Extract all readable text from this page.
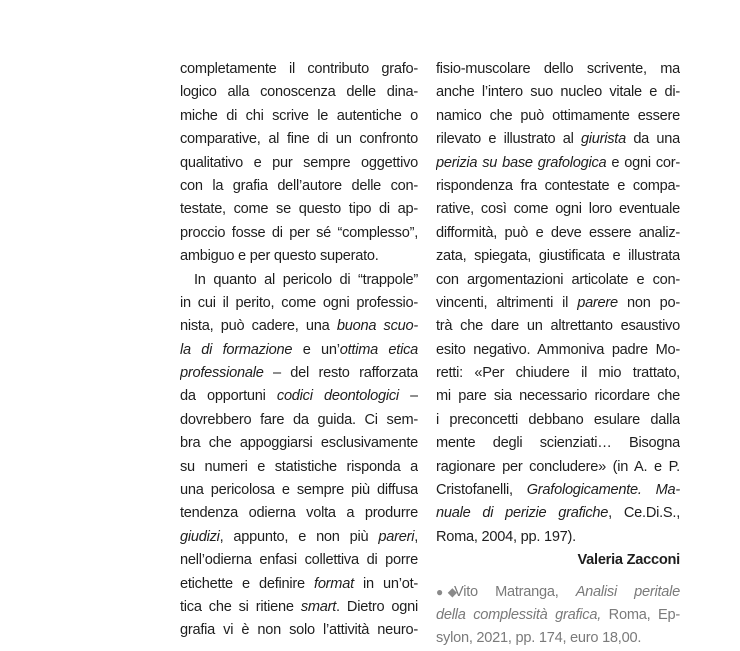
completamente il contributo grafo-
logico alla conoscenza delle dina-
miche di chi scrive le autentiche o
comparative, al fine di un confronto
qualitativo e pur sempre oggettivo
con la grafia dell’autore delle con-
testate, come se questo tipo di ap-
proccio fosse di per sé “complesso”,
ambiguo e per questo superato.
In quanto al pericolo di “trappole”
in cui il perito, come ogni professio-
nista, può cadere, una buona scuo-
la di formazione e un’ottima etica
professionale – del resto rafforzata
da opportuni codici deontologici –
dovrebbero fare da guida. Ci sem-
bra che appoggiarsi esclusivamente
su numeri e statistiche risponda a
una pericolosa e sempre più diffusa
tendenza odierna volta a produrre
giudizi, appunto, e non più pareri,
nell’odierna enfasi collettiva di porre
etichette e definire format in un’ot-
tica che si ritiene smart. Dietro ogni
grafia vi è non solo l’attività neuro-
fisio-muscolare dello scrivente, ma
anche l’intero suo nucleo vitale e di-
namico che può ottimamente essere
rilevato e illustrato al giurista da una
perizia su base grafologica e ogni cor-
rispondenza fra contestate e compa-
rative, così come ogni loro eventuale
difformità, può e deve essere analiz-
zata, spiegata, giustificata e illustrata
con argomentazioni articolate e con-
vincenti, altrimenti il parere non po-
trà che dare un altrettanto esaustivo
esito negativo. Ammoniva padre Mo-
retti: «Per chiudere il mio trattato,
mi pare sia necessario ricordare che
i preconcetti debbano esulare dalla
mente degli scienziati… Bisogna
ragionare per concludere» (in A. e P.
Cristofanelli, Grafologicamente. Ma-
nuale di perizie grafiche, Ce.Di.S.,
Roma, 2004, pp. 197).
Valeria Zacconi
●◆Vito Matranga, Analisi peritale
della complessità grafica, Roma, Ep-
sylon, 2021, pp. 174, euro 18,00.
